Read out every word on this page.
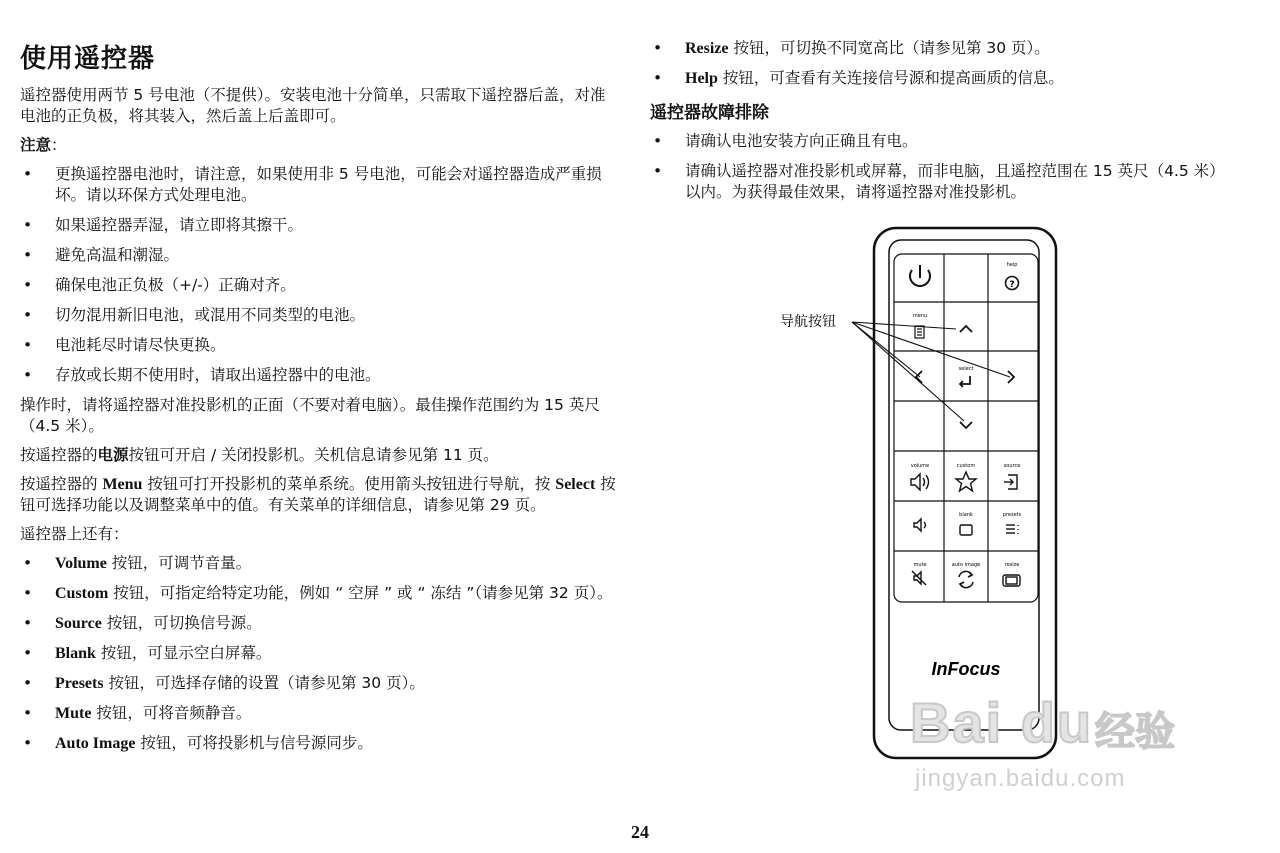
使用遥控器

遥控器使用两节 5 号电池（不提供）。安装电池十分简单，只需取下遥控器后盖，对准电池的正负极，将其装入，然后盖上后盖即可。

注意：

• 更换遥控器电池时，请注意，如果使用非 5 号电池，可能会对遥控器造成严重损坏。请以环保方式处理电池。
• 如果遥控器弄湿，请立即将其擦干。
• 避免高温和潮湿。
• 确保电池正负极（+/-）正确对齐。
• 切勿混用新旧电池，或混用不同类型的电池。
• 电池耗尽时请尽快更换。
• 存放或长期不使用时，请取出遥控器中的电池。

操作时，请将遥控器对准投影机的正面（不要对着电脑）。最佳操作范围约为 15 英尺（4.5 米）。

按遥控器的电源按钮可开启 / 关闭投影机。关机信息请参见第 11 页。

按遥控器的 Menu 按钮可打开投影机的菜单系统。使用箭头按钮进行导航，按 Select 按钮可选择功能以及调整菜单中的值。有关菜单的详细信息，请参见第 29 页。

遥控器上还有：

• Volume 按钮，可调节音量。
• Custom 按钮，可指定给特定功能，例如 “ 空屏 ” 或 “ 冻结 ”（请参见第 32 页）。
• Source 按钮，可切换信号源。
• Blank 按钮，可显示空白屏幕。
• Presets 按钮，可选择存储的设置（请参见第 30 页）。
• Mute 按钮，可将音频静音。
• Auto Image 按钮，可将投影机与信号源同步。
• Resize 按钮，可切换不同宽高比（请参见第 30 页）。
• Help 按钮，可查看有关连接信号源和提高画质的信息。
遥控器故障排除
• 请确认电池安装方向正确且有电。
• 请确认遥控器对准投影机或屏幕，而非电脑，且遥控范围在 15 英尺（4.5 米）以内。为获得最佳效果，请将遥控器对准投影机。
help
?
menu
select
volume	custom	source
blank	presets
mute	auto image	resize
InFocus
导航按钮
Bai du 经验
jingyan.baidu.com
24
